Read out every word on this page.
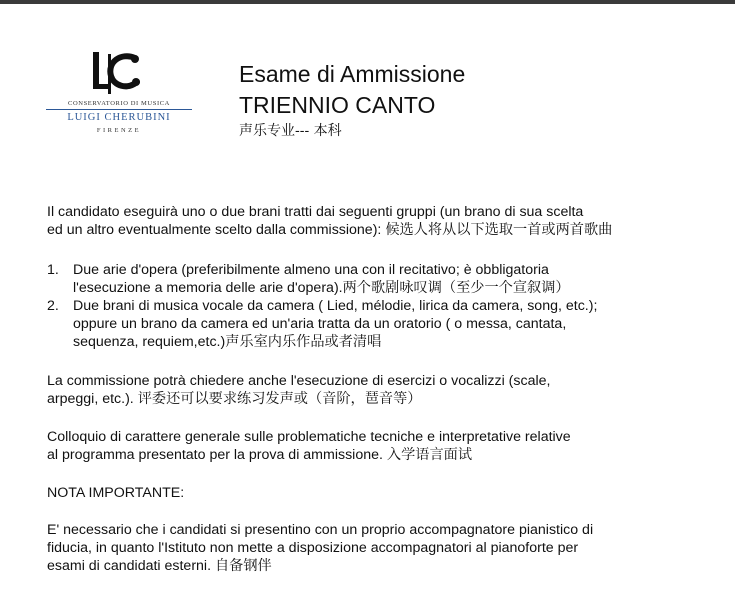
CONSERVATORIO DI MUSICA
LUIGI CHERUBINI
FIRENZE
Esame di Ammissione
TRIENNIO CANTO
声乐专业--- 本科
Il candidato eseguirà uno o due brani tratti dai seguenti gruppi (un brano di sua scelta
ed un altro eventualmente scelto dalla commissione): 候选人将从以下选取一首或两首歌曲
1. Due arie d'opera (preferibilmente almeno una con il recitativo; è obbligatoria
l'esecuzione a memoria delle arie d'opera).两个歌剧咏叹调（至少一个宣叙调）
2. Due brani di musica vocale da camera ( Lied, mélodie, lirica da camera, song, etc.);
oppure un brano da camera ed un'aria tratta da un oratorio ( o messa, cantata,
sequenza, requiem,etc.)声乐室内乐作品或者清唱
La commissione potrà chiedere anche l'esecuzione di esercizi o vocalizzi (scale,
arpeggi, etc.). 评委还可以要求练习发声或（音阶，琶音等）
Colloquio di carattere generale sulle problematiche tecniche e interpretative relative
al programma presentato per la prova di ammissione. 入学语言面试
NOTA IMPORTANTE:
E' necessario che i candidati si presentino con un proprio accompagnatore pianistico di
fiducia, in quanto l'Istituto non mette a disposizione accompagnatori al pianoforte per
esami di candidati esterni. 自备钢伴
